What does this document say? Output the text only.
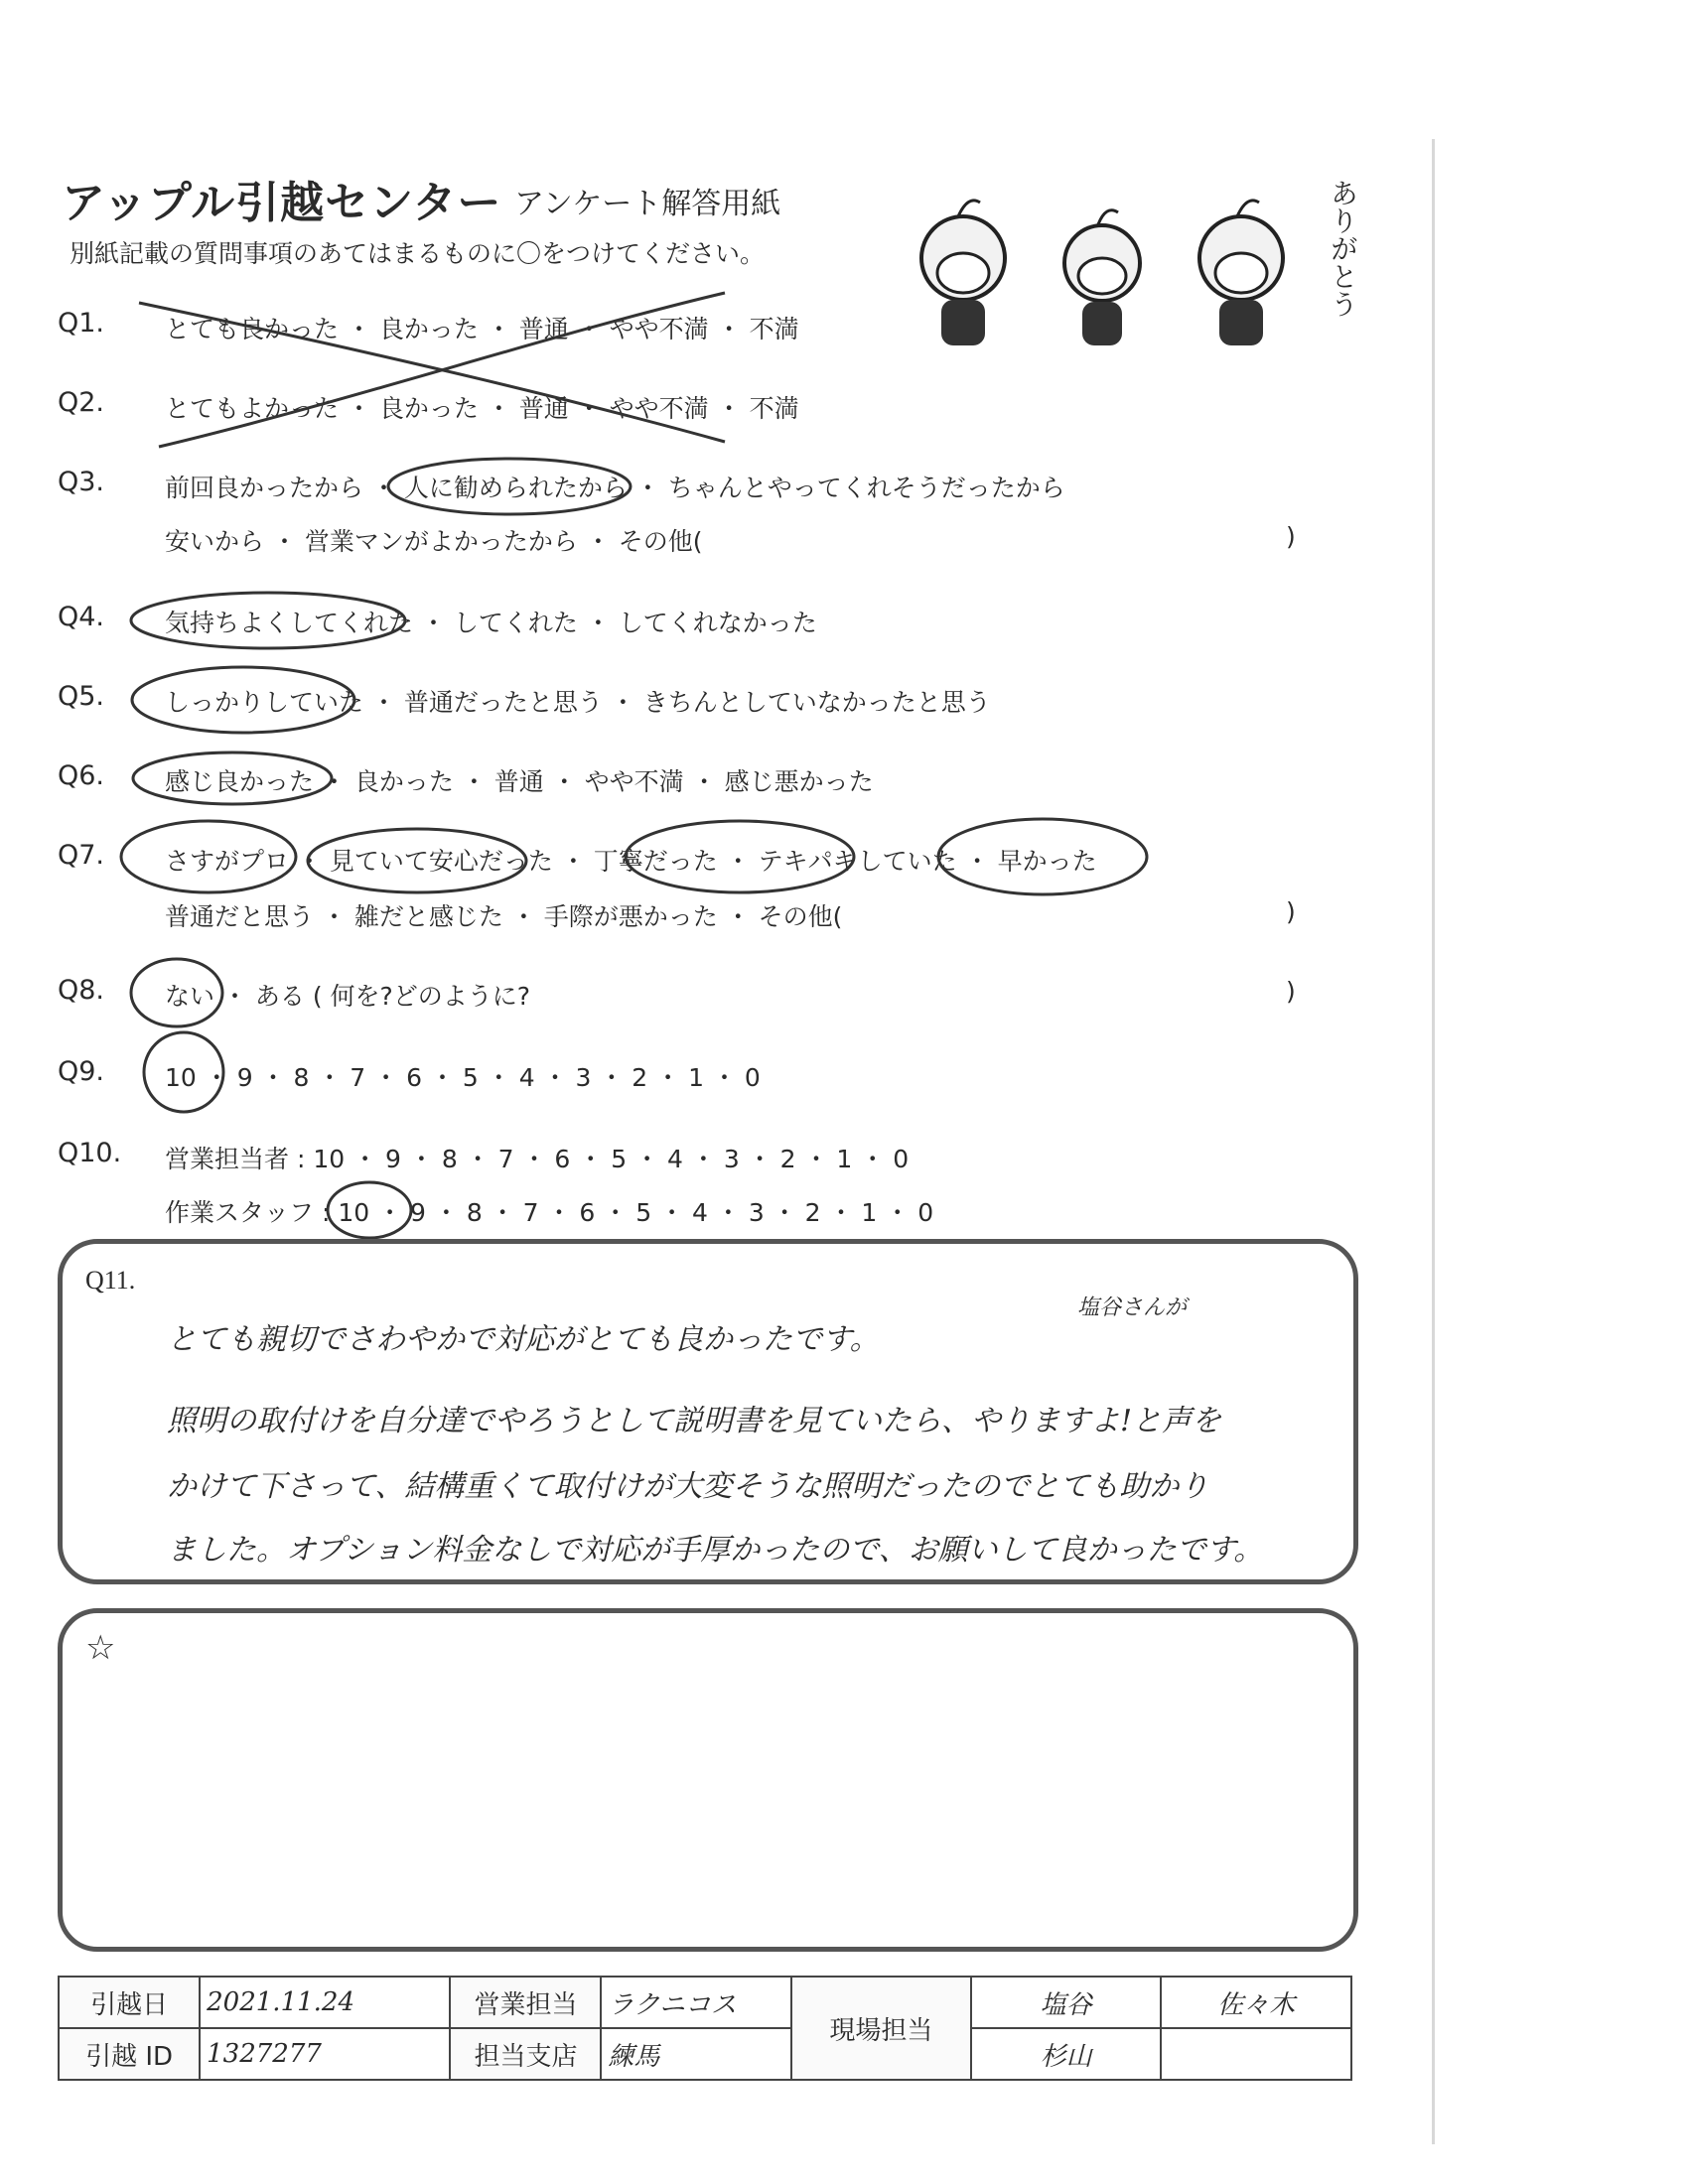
アップル引越センター アンケート解答用紙
別紙記載の質問事項のあてはまるものに〇をつけてください。	ありがとう
Q1. とても良かった ・ 良かった ・ 普通 ・ やや不満 ・ 不満
Q2. とてもよかった ・ 良かった ・ 普通 ・ やや不満 ・ 不満
Q3. 前回良かったから ・ 人に勧められたから ・ ちゃんとやってくれそうだったから
安いから ・ 営業マンがよかったから ・ その他(	)
Q4. 気持ちよくしてくれた ・ してくれた ・ してくれなかった
Q5. しっかりしていた ・ 普通だったと思う ・ きちんとしていなかったと思う
Q6. 感じ良かった ・ 良かった ・ 普通 ・ やや不満 ・ 感じ悪かった
Q7. さすがプロ ・ 見ていて安心だった ・ 丁寧だった ・ テキパキしていた ・ 早かった
普通だと思う ・ 雑だと感じた ・ 手際が悪かった ・ その他(	)
Q8. ない ・ ある ( 何を?どのように?	)
Q9. 10 ・ 9 ・ 8 ・ 7 ・ 6 ・ 5 ・ 4 ・ 3 ・ 2 ・ 1 ・ 0
Q10. 営業担当者 : 10 ・ 9 ・ 8 ・ 7 ・ 6 ・ 5 ・ 4 ・ 3 ・ 2 ・ 1 ・ 0
作業スタッフ : 10 ・ 9 ・ 8 ・ 7 ・ 6 ・ 5 ・ 4 ・ 3 ・ 2 ・ 1 ・ 0
Q11.
塩谷さんが
とても親切でさわやかで対応がとても良かったです。
照明の取付けを自分達でやろうとして説明書を見ていたら、やりますよ!と声を
かけて下さって、結構重くて取付けが大変そうな照明だったのでとても助かり
ました。オプション料金なしで対応が手厚かったので、お願いして良かったです。
☆
引越日	2021.11.24	営業担当	ラクニコス	現場担当	塩谷	佐々木
引越 ID	1327277	担当支店	練馬		杉山	
